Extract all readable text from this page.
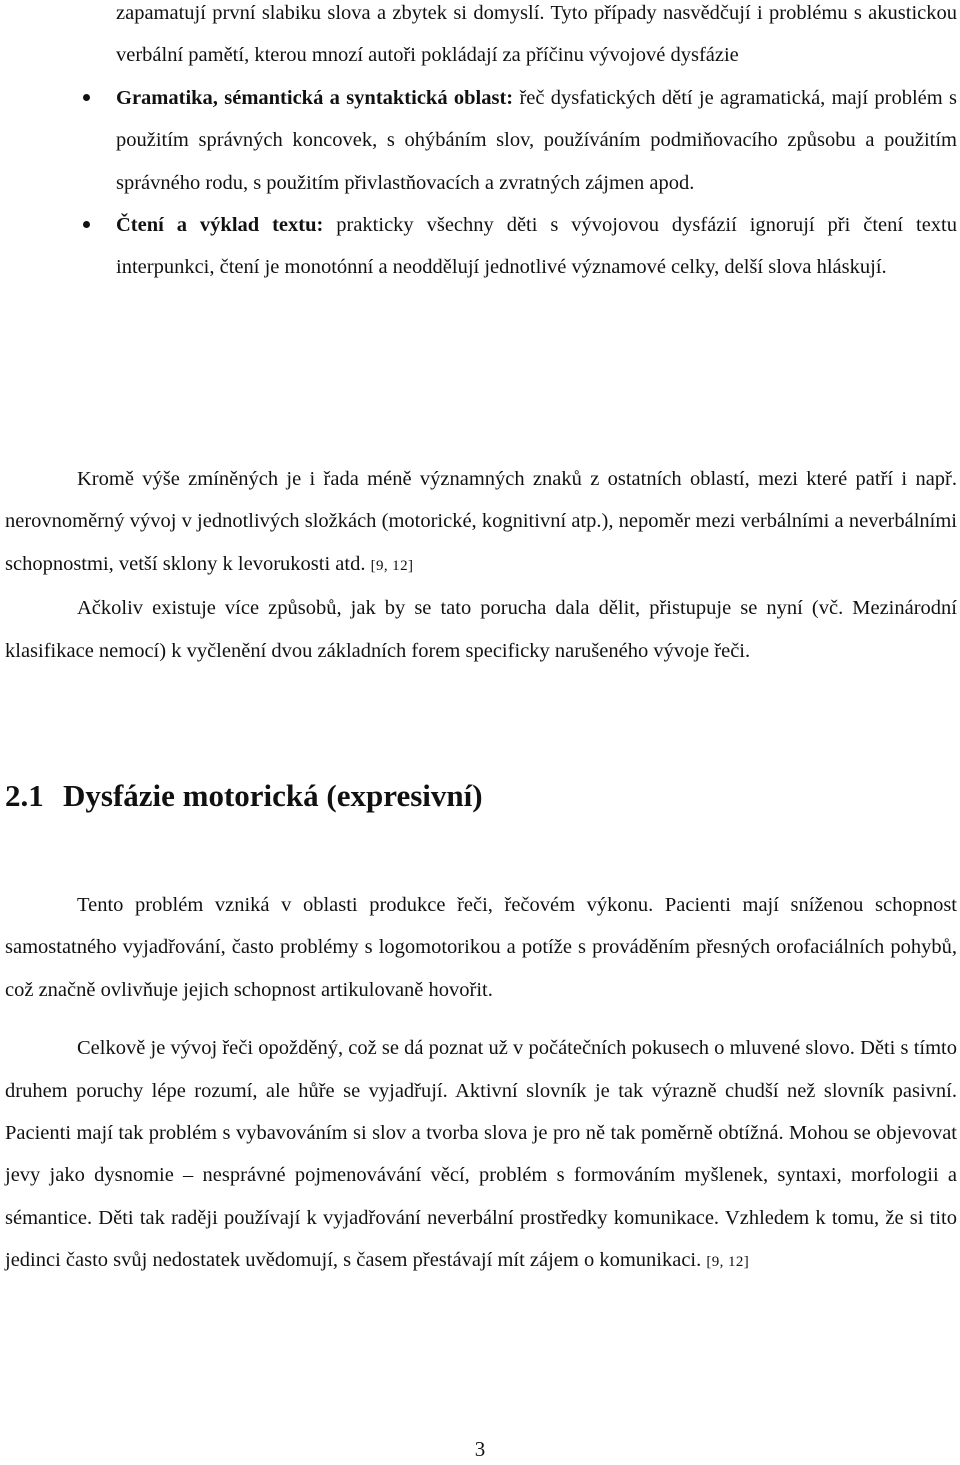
zapamatují první slabiku slova a zbytek si domyslí. Tyto případy nasvědčují i problému s akustickou verbální pamětí, kterou mnozí autoři pokládají za příčinu vývojové dysfázie
Gramatika, sémantická a syntaktická oblast: řeč dysfatických dětí je agramatická, mají problém s použitím správných koncovek, s ohýbáním slov, používáním podmiňovacího způsobu a použitím správného rodu, s použitím přivlastňovacích a zvratných zájmen apod.
Čtení a výklad textu: prakticky všechny děti s vývojovou dysfázií ignorují při čtení textu interpunkci, čtení je monotónní a neoddělují jednotlivé významové celky, delší slova hláskují.

Kromě výše zmíněných je i řada méně významných znaků z ostatních oblastí, mezi které patří i např. nerovnoměrný vývoj v jednotlivých složkách (motorické, kognitivní atp.), nepoměr mezi verbálními a neverbálními schopnostmi, vetší sklony k levorukosti atd. [9, 12]

Ačkoliv existuje více způsobů, jak by se tato porucha dala dělit, přistupuje se nyní (vč. Mezinárodní klasifikace nemocí) k vyčlenění dvou základních forem specificky narušeného vývoje řeči.

2.1 Dysfázie motorická (expresivní)

Tento problém vzniká v oblasti produkce řeči, řečovém výkonu. Pacienti mají sníženou schopnost samostatného vyjadřování, často problémy s logomotorikou a potíže s prováděním přesných orofaciálních pohybů, což značně ovlivňuje jejich schopnost artikulovaně hovořit.

Celkově je vývoj řeči opožděný, což se dá poznat už v počátečních pokusech o mluvené slovo. Děti s tímto druhem poruchy lépe rozumí, ale hůře se vyjadřují. Aktivní slovník je tak výrazně chudší než slovník pasivní. Pacienti mají tak problém s vybavováním si slov a tvorba slova je pro ně tak poměrně obtížná. Mohou se objevovat jevy jako dysnomie – nesprávné pojmenovávání věcí, problém s formováním myšlenek, syntaxi, morfologii a sémantice. Děti tak raději používají k vyjadřování neverbální prostředky komunikace. Vzhledem k tomu, že si tito jedinci často svůj nedostatek uvědomují, s časem přestávají mít zájem o komunikaci. [9, 12]

3
